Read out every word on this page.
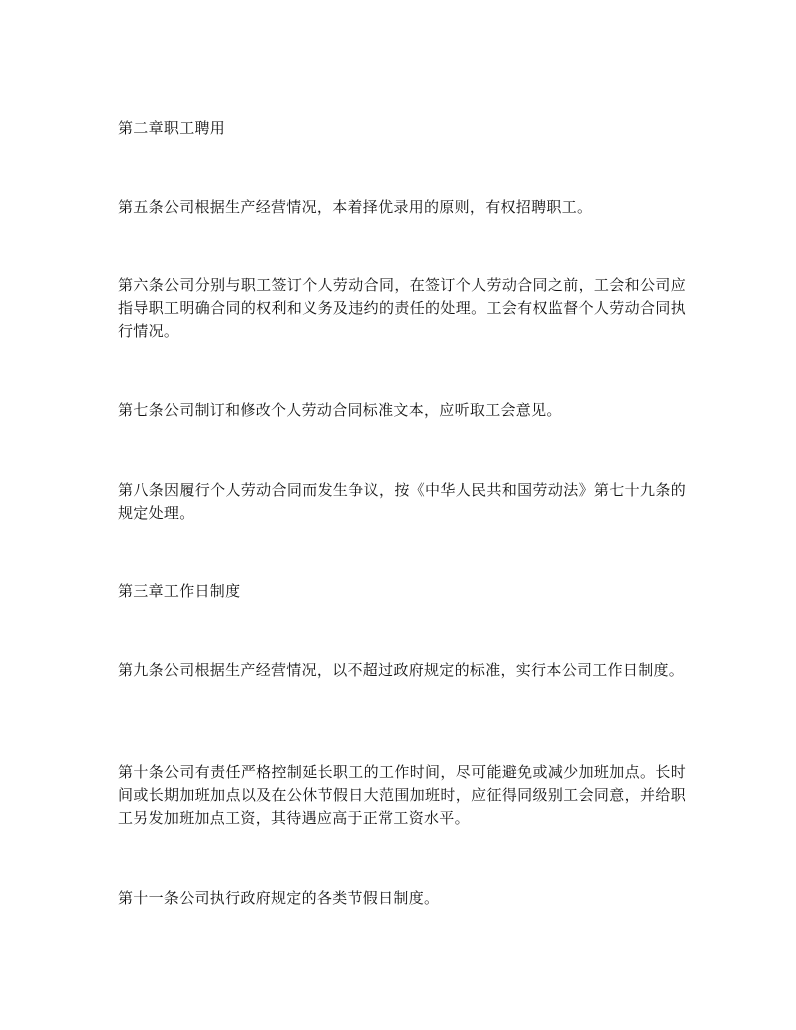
第二章职工聘用

第五条公司根据生产经营情况，本着择优录用的原则，有权招聘职工。

第六条公司分别与职工签订个人劳动合同，在签订个人劳动合同之前，工会和公司应指导职工明确合同的权利和义务及违约的责任的处理。工会有权监督个人劳动合同执行情况。

第七条公司制订和修改个人劳动合同标准文本，应听取工会意见。

第八条因履行个人劳动合同而发生争议，按《中华人民共和国劳动法》第七十九条的规定处理。

第三章工作日制度

第九条公司根据生产经营情况，以不超过政府规定的标准，实行本公司工作日制度。

第十条公司有责任严格控制延长职工的工作时间，尽可能避免或减少加班加点。长时间或长期加班加点以及在公休节假日大范围加班时，应征得同级别工会同意，并给职工另发加班加点工资，其待遇应高于正常工资水平。

第十一条公司执行政府规定的各类节假日制度。
